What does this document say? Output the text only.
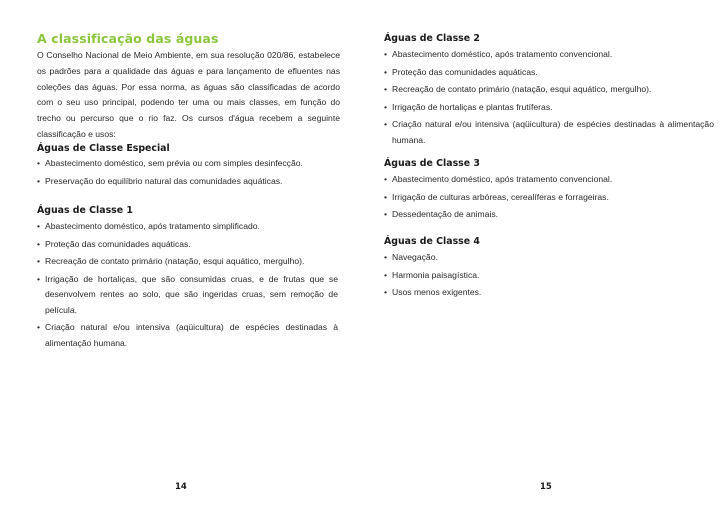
A classificação das águas

O Conselho Nacional de Meio Ambiente, em sua resolução 020/86, estabelece os padrões para a qualidade das águas e para lançamento de efluentes nas coleções das águas. Por essa norma, as águas são classificadas de acordo com o seu uso principal, podendo ter uma ou mais classes, em função do trecho ou percurso que o rio faz. Os cursos d'água recebem a seguinte classificação e usos:

Águas de Classe Especial
• Abastecimento doméstico, sem prévia ou com simples desinfecção.
• Preservação do equilíbrio natural das comunidades aquáticas.
Águas de Classe 1
• Abastecimento doméstico, após tratamento simplificado.
• Proteção das comunidades aquáticas.
• Recreação de contato primário (natação, esqui aquático, mergulho).
• Irrigação de hortaliças, que são consumidas cruas, e de frutas que se desenvolvem rentes ao solo, que são ingeridas cruas, sem remoção de película.
• Criação natural e/ou intensiva (aqüicultura) de espécies destinadas à alimentação humana.
14
Águas de Classe 2
• Abastecimento doméstico, após tratamento convencional.
• Proteção das comunidades aquáticas.
• Recreação de contato primário (natação, esqui aquático, mergulho).
• Irrigação de hortaliças e plantas frutíferas.
• Criação natural e/ou intensiva (aqüicultura) de espécies destinadas à alimentação humana.
Águas de Classe 3
• Abastecimento doméstico, após tratamento convencional.
• Irrigação de culturas arbóreas, cerealíferas e forrageiras.
• Dessedentação de animais.
Águas de Classe 4
• Navegação.
• Harmonia paisagística.
• Usos menos exigentes.
15
